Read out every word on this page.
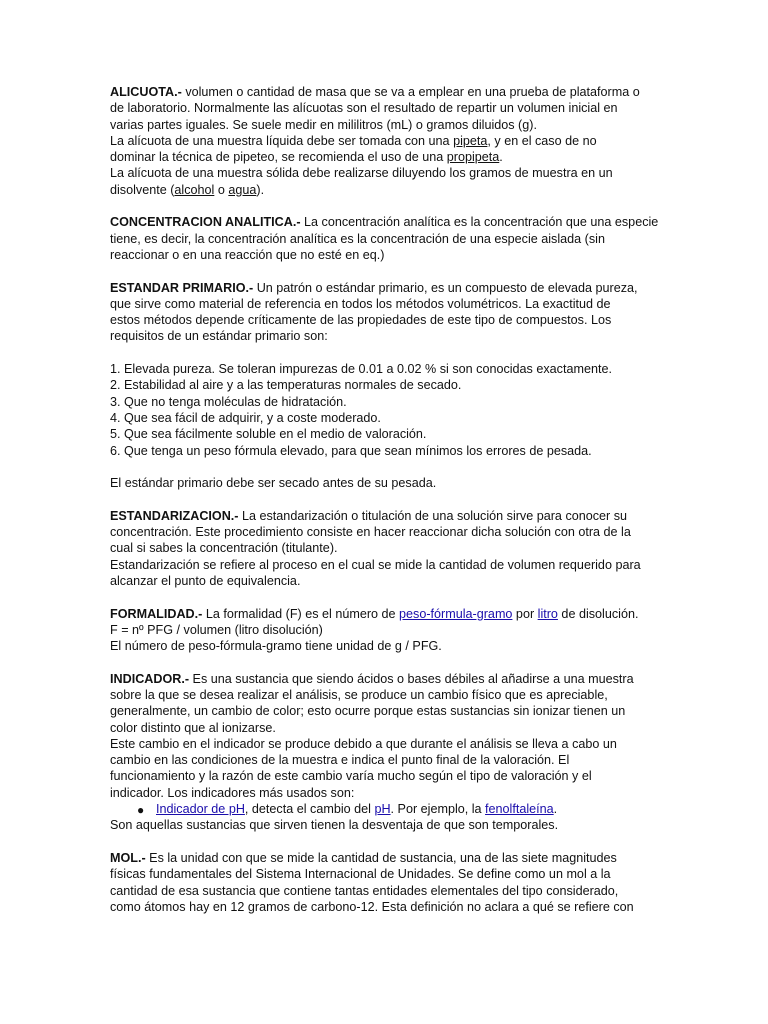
ALICUOTA.- volumen o cantidad de masa que se va a emplear en una prueba de plataforma o
de laboratorio. Normalmente las alícuotas son el resultado de repartir un volumen inicial en
varias partes iguales. Se suele medir en mililitros (mL) o gramos diluidos (g).
La alícuota de una muestra líquida debe ser tomada con una pipeta, y en el caso de no
dominar la técnica de pipeteo, se recomienda el uso de una propipeta.
La alícuota de una muestra sólida debe realizarse diluyendo los gramos de muestra en un
disolvente (alcohol o agua).
CONCENTRACION ANALITICA.- La concentración analítica es la concentración que una especie
tiene, es decir, la concentración analítica es la concentración de una especie aislada (sin
reaccionar o en una reacción que no esté en eq.)
ESTANDAR PRIMARIO.- Un patrón o estándar primario, es un compuesto de elevada pureza,
que sirve como material de referencia en todos los métodos volumétricos. La exactitud de
estos métodos depende críticamente de las propiedades de este tipo de compuestos. Los
requisitos de un estándar primario son:
1. Elevada pureza. Se toleran impurezas de 0.01 a 0.02 % si son conocidas exactamente.
2. Estabilidad al aire y a las temperaturas normales de secado.
3. Que no tenga moléculas de hidratación.
4. Que sea fácil de adquirir, y a coste moderado.
5. Que sea fácilmente soluble en el medio de valoración.
6. Que tenga un peso fórmula elevado, para que sean mínimos los errores de pesada.
El estándar primario debe ser secado antes de su pesada.
ESTANDARIZACION.- La estandarización o titulación de una solución sirve para conocer su
concentración. Este procedimiento consiste en hacer reaccionar dicha solución con otra de la
cual si sabes la concentración (titulante).
Estandarización se refiere al proceso en el cual se mide la cantidad de volumen requerido para
alcanzar el punto de equivalencia.
FORMALIDAD.- La formalidad (F) es el número de peso-fórmula-gramo por litro de disolución.
F = nº PFG / volumen (litro disolución)
El número de peso-fórmula-gramo tiene unidad de g / PFG.
INDICADOR.- Es una sustancia que siendo ácidos o bases débiles al añadirse a una muestra
sobre la que se desea realizar el análisis, se produce un cambio físico que es apreciable,
generalmente, un cambio de color; esto ocurre porque estas sustancias sin ionizar tienen un
color distinto que al ionizarse.
Este cambio en el indicador se produce debido a que durante el análisis se lleva a cabo un
cambio en las condiciones de la muestra e indica el punto final de la valoración. El
funcionamiento y la razón de este cambio varía mucho según el tipo de valoración y el
indicador. Los indicadores más usados son:
● Indicador de pH, detecta el cambio del pH. Por ejemplo, la fenolftaleína.
Son aquellas sustancias que sirven tienen la desventaja de que son temporales.
MOL.- Es la unidad con que se mide la cantidad de sustancia, una de las siete magnitudes
físicas fundamentales del Sistema Internacional de Unidades. Se define como un mol a la
cantidad de esa sustancia que contiene tantas entidades elementales del tipo considerado,
como átomos hay en 12 gramos de carbono-12. Esta definición no aclara a qué se refiere con
